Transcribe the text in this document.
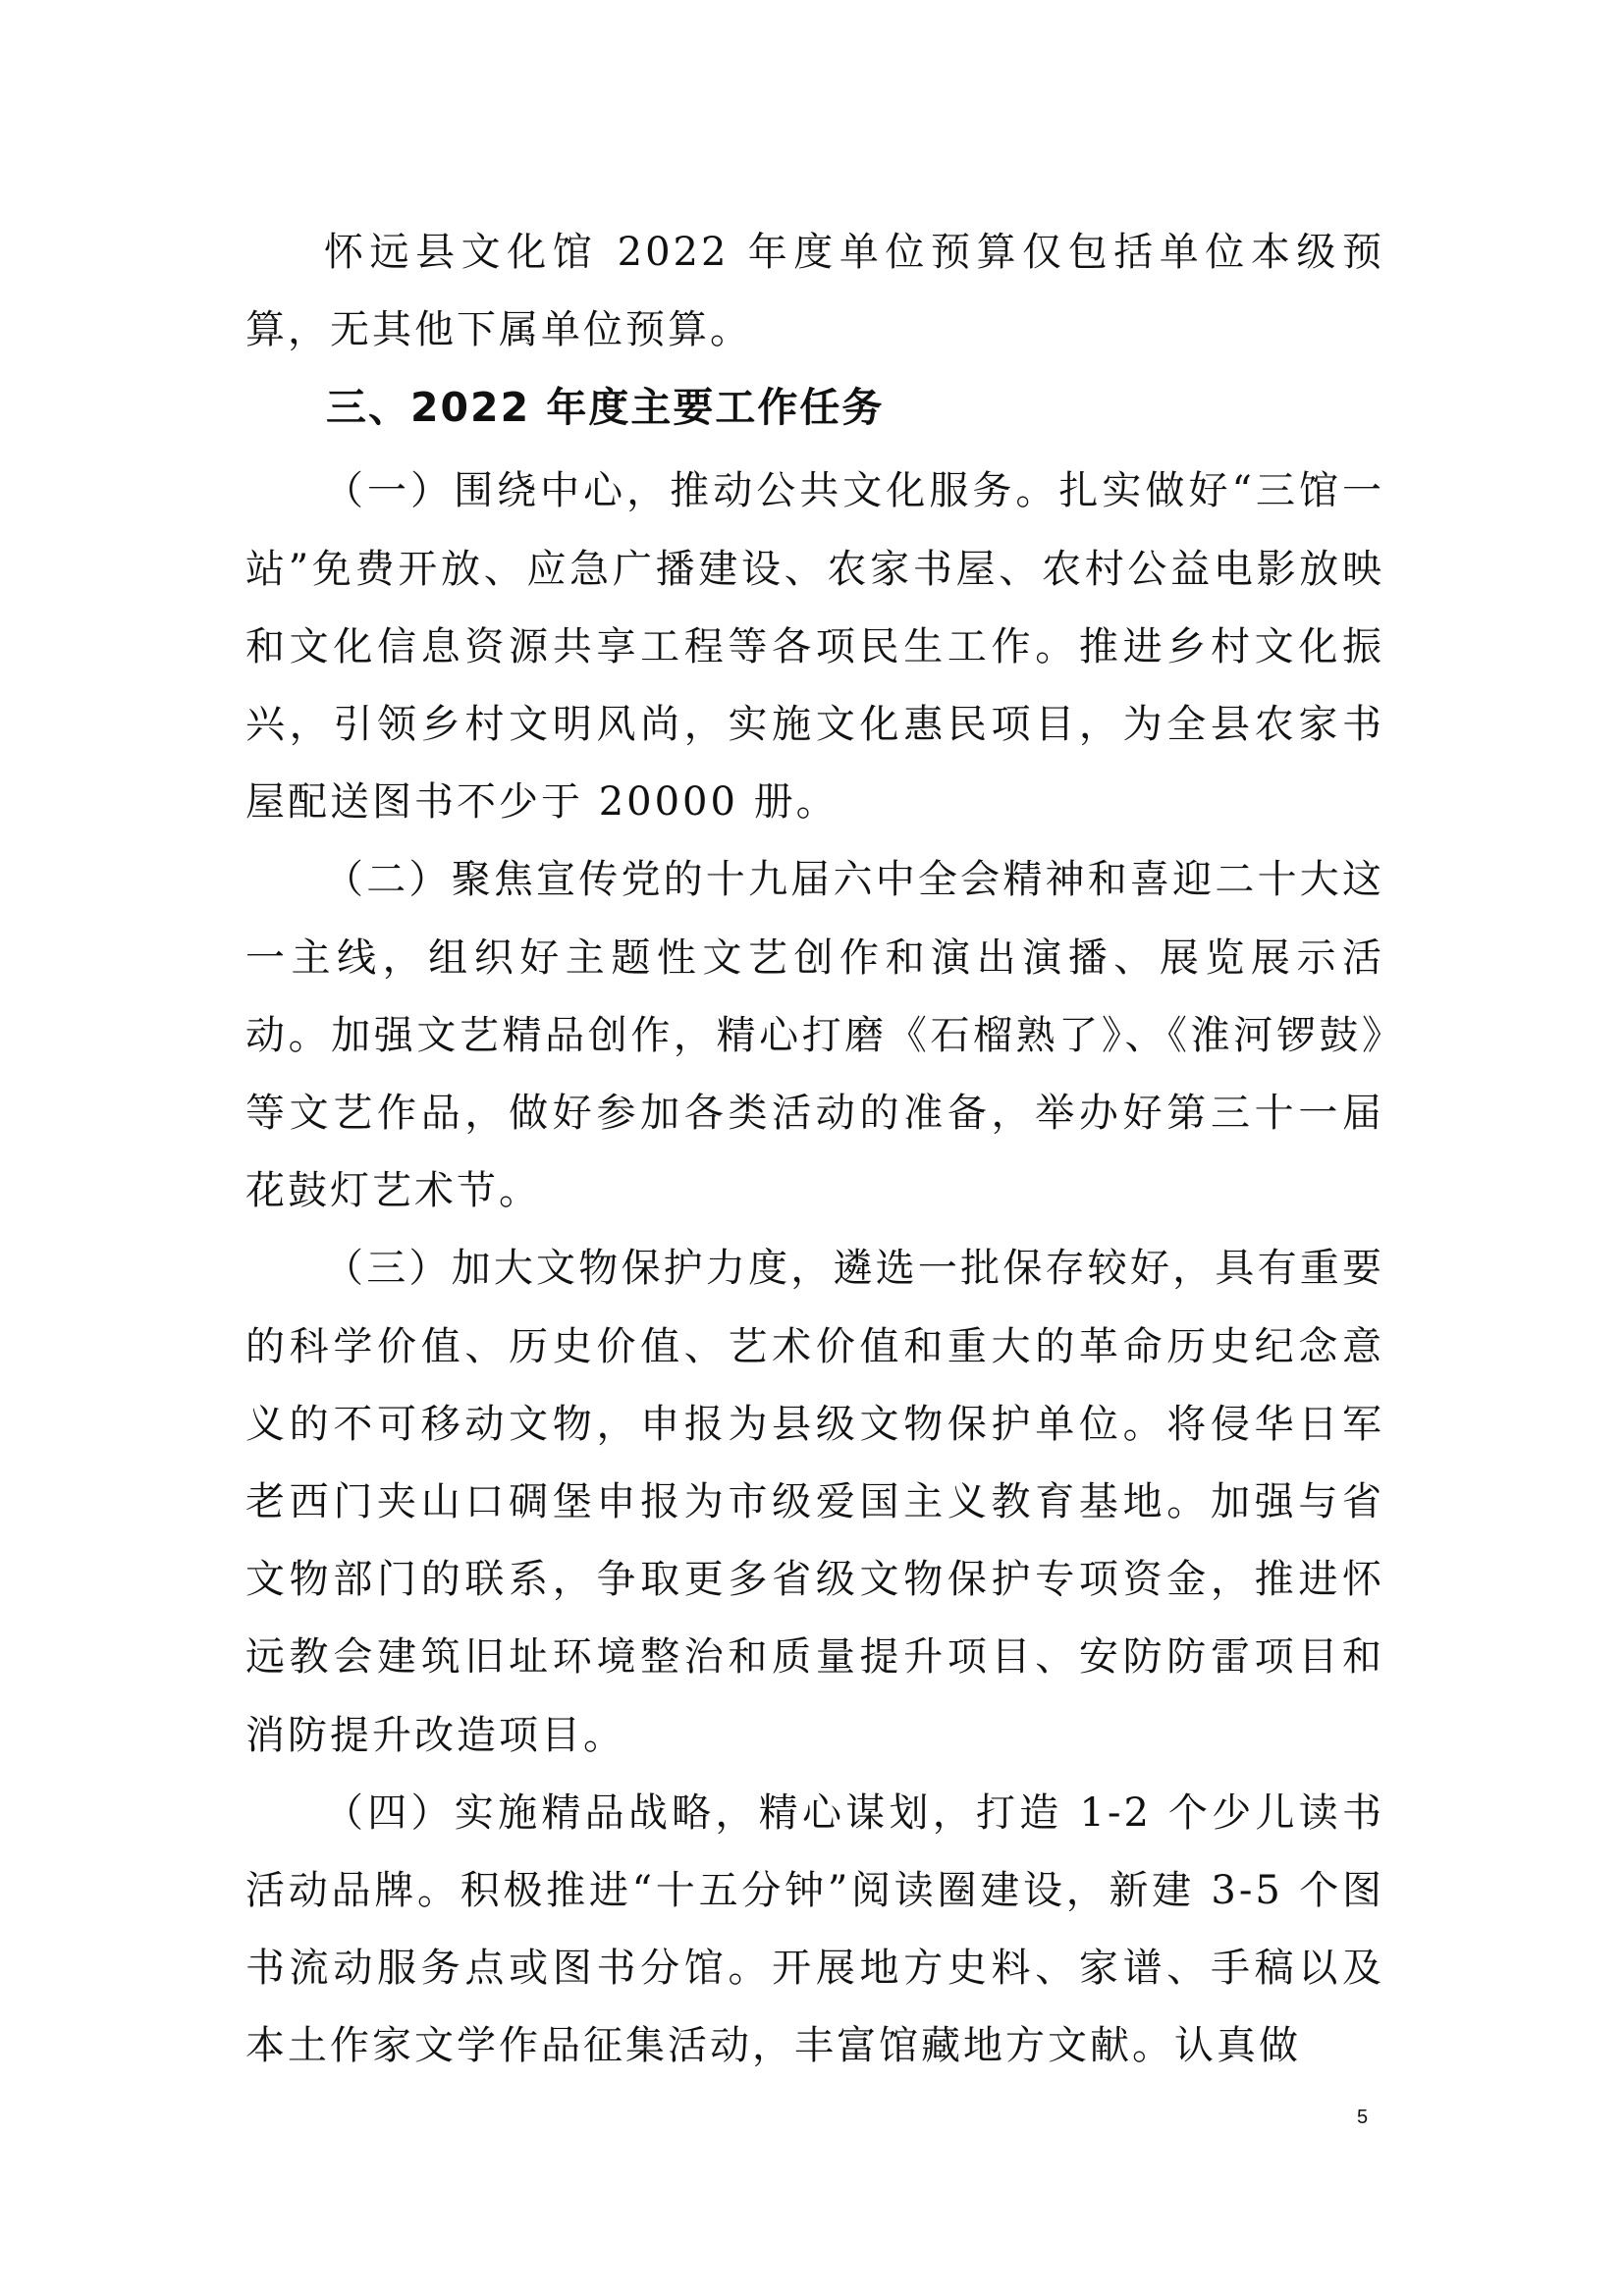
怀远县文化馆 2022 年度单位预算仅包括单位本级预算，无其他下属单位预算。

三、2022 年度主要工作任务

（一）围绕中心，推动公共文化服务。扎实做好“三馆一站”免费开放、应急广播建设、农家书屋、农村公益电影放映和文化信息资源共享工程等各项民生工作。推进乡村文化振兴，引领乡村文明风尚，实施文化惠民项目，为全县农家书屋配送图书不少于 20000 册。

（二）聚焦宣传党的十九届六中全会精神和喜迎二十大这一主线，组织好主题性文艺创作和演出演播、展览展示活动。加强文艺精品创作，精心打磨《石榴熟了》、《淮河锣鼓》等文艺作品，做好参加各类活动的准备，举办好第三十一届花鼓灯艺术节。

（三）加大文物保护力度，遴选一批保存较好，具有重要的科学价值、历史价值、艺术价值和重大的革命历史纪念意义的不可移动文物，申报为县级文物保护单位。将侵华日军老西门夹山口碉堡申报为市级爱国主义教育基地。加强与省文物部门的联系，争取更多省级文物保护专项资金，推进怀远教会建筑旧址环境整治和质量提升项目、安防防雷项目和消防提升改造项目。

（四）实施精品战略，精心谋划，打造 1-2 个少儿读书活动品牌。积极推进“十五分钟”阅读圈建设，新建 3-5 个图书流动服务点或图书分馆。开展地方史料、家谱、手稿以及本土作家文学作品征集活动，丰富馆藏地方文献。认真做

5
